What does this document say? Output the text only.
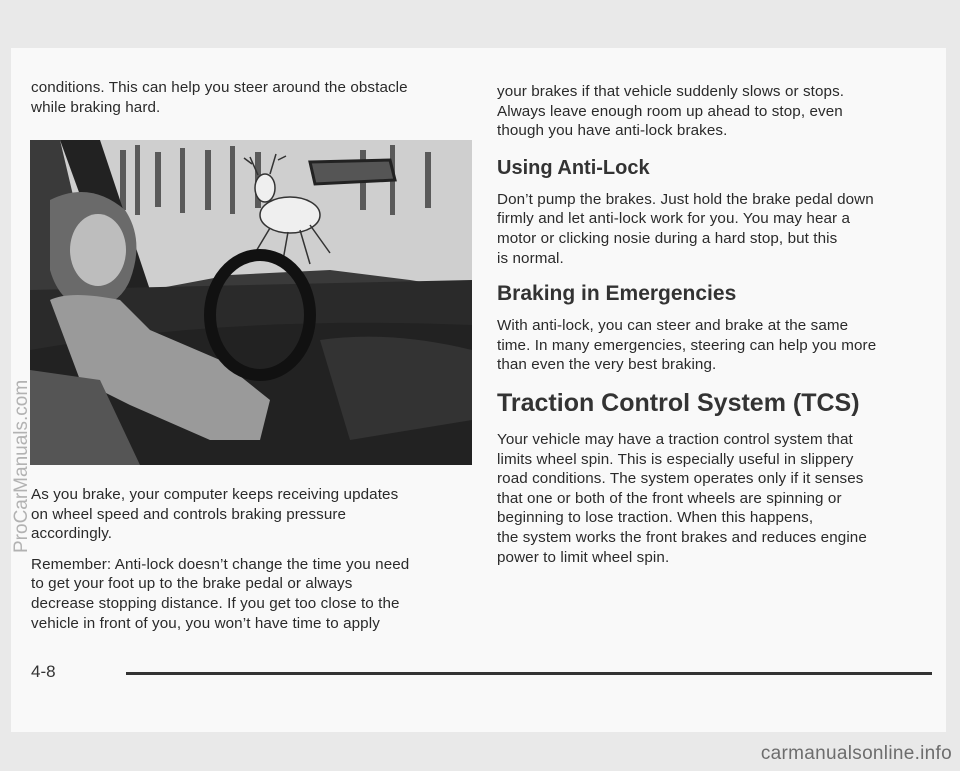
conditions. This can help you steer around the obstacle
while braking hard.

As you brake, your computer keeps receiving updates
on wheel speed and controls braking pressure
accordingly.

Remember: Anti-lock doesn’t change the time you need
to get your foot up to the brake pedal or always
decrease stopping distance. If you get too close to the
vehicle in front of you, you won’t have time to apply

your brakes if that vehicle suddenly slows or stops.
Always leave enough room up ahead to stop, even
though you have anti-lock brakes.

Using Anti-Lock

Don’t pump the brakes. Just hold the brake pedal down
firmly and let anti-lock work for you. You may hear a
motor or clicking nosie during a hard stop, but this
is normal.

Braking in Emergencies

With anti-lock, you can steer and brake at the same
time. In many emergencies, steering can help you more
than even the very best braking.

Traction Control System (TCS)

Your vehicle may have a traction control system that
limits wheel spin. This is especially useful in slippery
road conditions. The system operates only if it senses
that one or both of the front wheels are spinning or
beginning to lose traction. When this happens,
the system works the front brakes and reduces engine
power to limit wheel spin.

4-8
ProCarManuals.com
carmanualsonline.info
